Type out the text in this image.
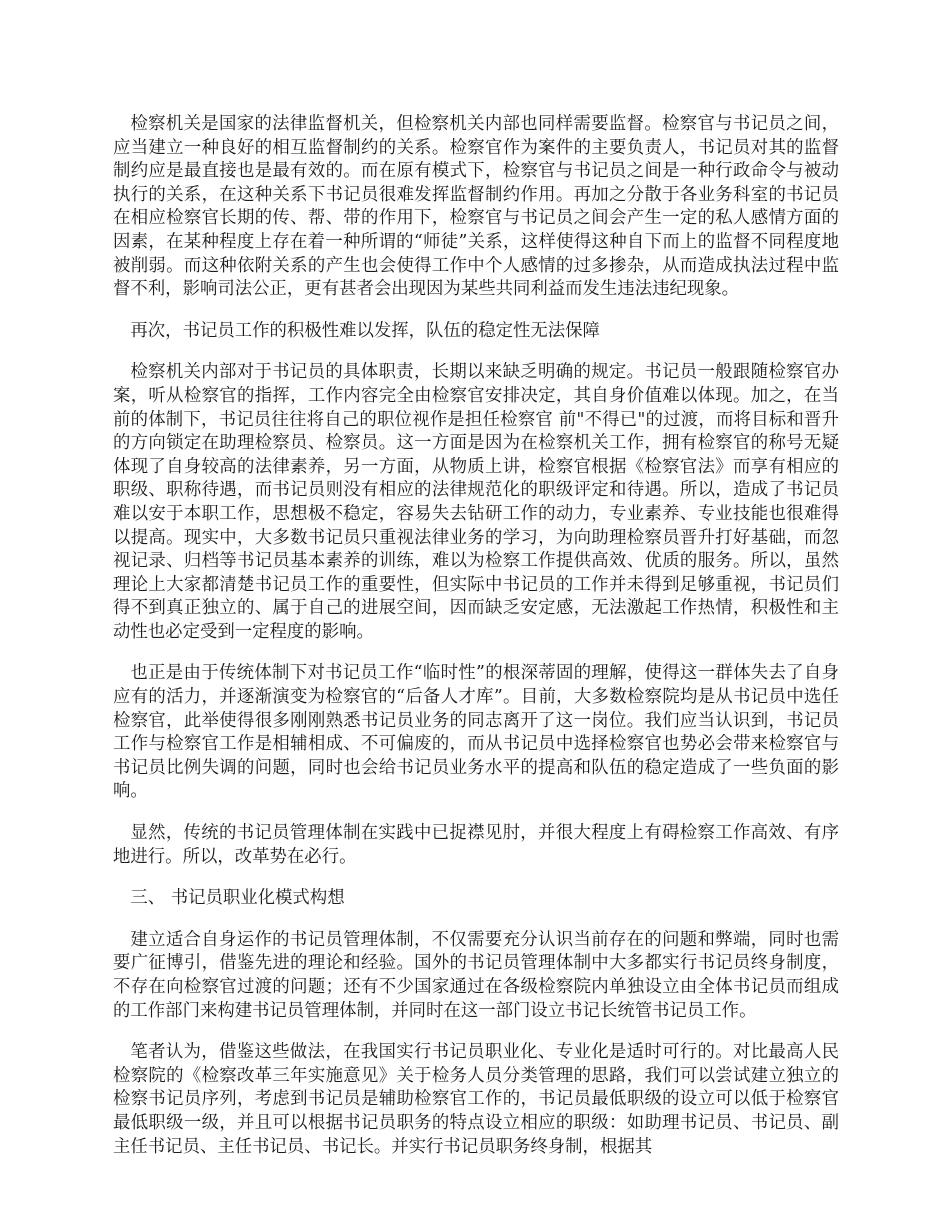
检察机关是国家的法律监督机关，但检察机关内部也同样需要监督。检察官与书记员之间，应当建立一种良好的相互监督制约的关系。检察官作为案件的主要负责人，书记员对其的监督制约应是最直接也是最有效的。而在原有模式下，检察官与书记员之间是一种行政命令与被动执行的关系，在这种关系下书记员很难发挥监督制约作用。再加之分散于各业务科室的书记员在相应检察官长期的传、帮、带的作用下，检察官与书记员之间会产生一定的私人感情方面的因素，在某种程度上存在着一种所谓的“师徒”关系，这样使得这种自下而上的监督不同程度地被削弱。而这种依附关系的产生也会使得工作中个人感情的过多掺杂，从而造成执法过程中监督不利，影响司法公正，更有甚者会出现因为某些共同利益而发生违法违纪现象。

再次，书记员工作的积极性难以发挥，队伍的稳定性无法保障

检察机关内部对于书记员的具体职责，长期以来缺乏明确的规定。书记员一般跟随检察官办案，听从检察官的指挥，工作内容完全由检察官安排决定，其自身价值难以体现。加之，在当前的体制下，书记员往往将自己的职位视作是担任检察官 前"不得已"的过渡，而将目标和晋升的方向锁定在助理检察员、检察员。这一方面是因为在检察机关工作，拥有检察官的称号无疑体现了自身较高的法律素养，另一方面，从物质上讲，检察官根据《检察官法》而享有相应的职级、职称待遇，而书记员则没有相应的法律规范化的职级评定和待遇。所以，造成了书记员难以安于本职工作，思想极不稳定，容易失去钻研工作的动力，专业素养、专业技能也很难得以提高。现实中，大多数书记员只重视法律业务的学习，为向助理检察员晋升打好基础，而忽视记录、归档等书记员基本素养的训练，难以为检察工作提供高效、优质的服务。所以，虽然理论上大家都清楚书记员工作的重要性，但实际中书记员的工作并未得到足够重视，书记员们得不到真正独立的、属于自己的进展空间，因而缺乏安定感，无法激起工作热情，积极性和主动性也必定受到一定程度的影响。

也正是由于传统体制下对书记员工作“临时性”的根深蒂固的理解，使得这一群体失去了自身应有的活力，并逐渐演变为检察官的“后备人才库”。目前，大多数检察院均是从书记员中选任检察官，此举使得很多刚刚熟悉书记员业务的同志离开了这一岗位。我们应当认识到，书记员工作与检察官工作是相辅相成、不可偏废的，而从书记员中选择检察官也势必会带来检察官与书记员比例失调的问题，同时也会给书记员业务水平的提高和队伍的稳定造成了一些负面的影响。

显然，传统的书记员管理体制在实践中已捉襟见肘，并很大程度上有碍检察工作高效、有序地进行。所以，改革势在必行。

三、 书记员职业化模式构想

建立适合自身运作的书记员管理体制，不仅需要充分认识当前存在的问题和弊端，同时也需要广征博引，借鉴先进的理论和经验。国外的书记员管理体制中大多都实行书记员终身制度，不存在向检察官过渡的问题；还有不少国家通过在各级检察院内单独设立由全体书记员而组成的工作部门来构建书记员管理体制，并同时在这一部门设立书记长统管书记员工作。

笔者认为，借鉴这些做法，在我国实行书记员职业化、专业化是适时可行的。对比最高人民检察院的《检察改革三年实施意见》关于检务人员分类管理的思路，我们可以尝试建立独立的检察书记员序列，考虑到书记员是辅助检察官工作的，书记员最低职级的设立可以低于检察官最低职级一级，并且可以根据书记员职务的特点设立相应的职级：如助理书记员、书记员、副主任书记员、主任书记员、书记长。并实行书记员职务终身制，根据其
